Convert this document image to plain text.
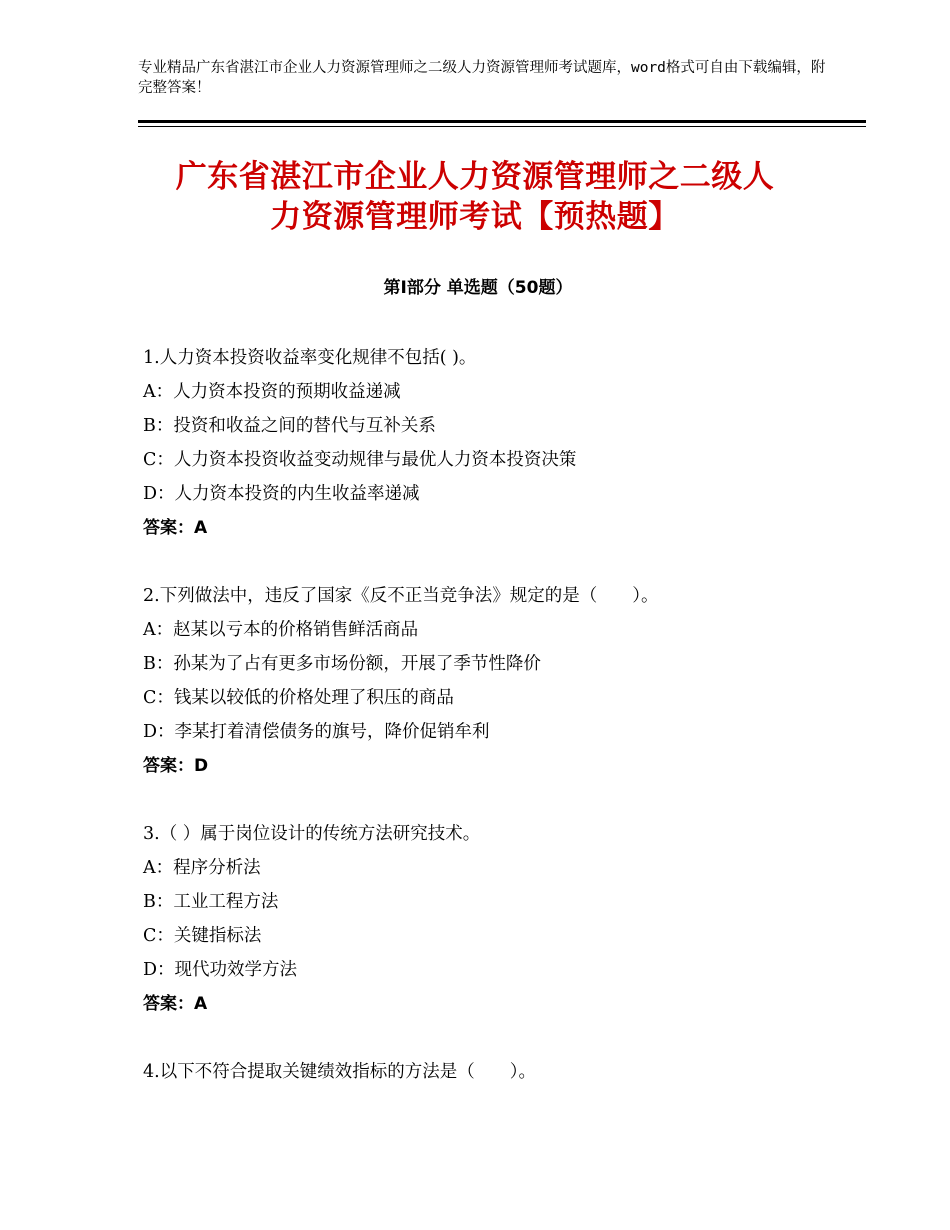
专业精品广东省湛江市企业人力资源管理师之二级人力资源管理师考试题库，word格式可自由下载编辑，附完整答案！
广东省湛江市企业人力资源管理师之二级人
力资源管理师考试【预热题】
第Ⅰ部分 单选题（50题）
1.人力资本投资收益率变化规律不包括( )。
A：人力资本投资的预期收益递减
B：投资和收益之间的替代与互补关系
C：人力资本投资收益变动规律与最优人力资本投资决策
D：人力资本投资的内生收益率递减
答案：A
2.下列做法中，违反了国家《反不正当竞争法》规定的是（　　）。
A：赵某以亏本的价格销售鲜活商品
B：孙某为了占有更多市场份额，开展了季节性降价
C：钱某以较低的价格处理了积压的商品
D：李某打着清偿债务的旗号，降价促销牟利
答案：D
3.（ ）属于岗位设计的传统方法研究技术。
A：程序分析法
B：工业工程方法
C：关键指标法
D：现代功效学方法
答案：A
4.以下不符合提取关键绩效指标的方法是（　　）。
